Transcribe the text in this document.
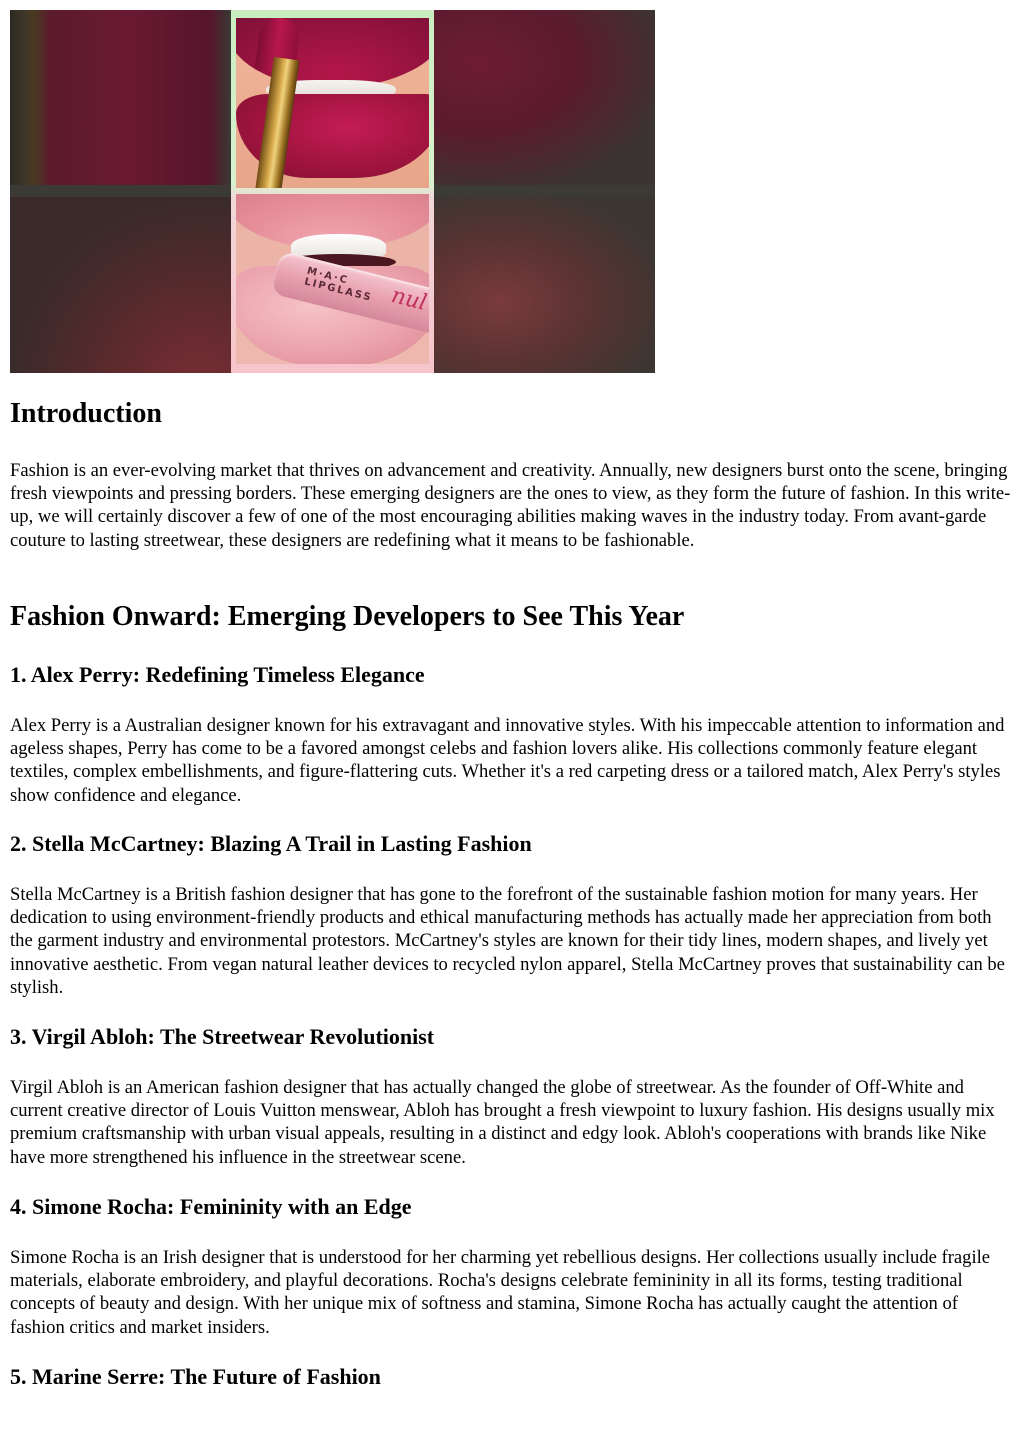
M·A·C
LIPGLASS nul
Introduction

Fashion is an ever-evolving market that thrives on advancement and creativity. Annually, new designers burst onto the scene, bringing fresh viewpoints and pressing borders. These emerging designers are the ones to view, as they form the future of fashion. In this write-up, we will certainly discover a few of one of the most encouraging abilities making waves in the industry today. From avant-garde couture to lasting streetwear, these designers are redefining what it means to be fashionable.

Fashion Onward: Emerging Developers to See This Year
1. Alex Perry: Redefining Timeless Elegance

Alex Perry is a Australian designer known for his extravagant and innovative styles. With his impeccable attention to information and ageless shapes, Perry has come to be a favored amongst celebs and fashion lovers alike. His collections commonly feature elegant textiles, complex embellishments, and figure-flattering cuts. Whether it's a red carpeting dress or a tailored match, Alex Perry's styles show confidence and elegance.

2. Stella McCartney: Blazing A Trail in Lasting Fashion

Stella McCartney is a British fashion designer that has gone to the forefront of the sustainable fashion motion for many years. Her dedication to using environment-friendly products and ethical manufacturing methods has actually made her appreciation from both the garment industry and environmental protestors. McCartney's styles are known for their tidy lines, modern shapes, and lively yet innovative aesthetic. From vegan natural leather devices to recycled nylon apparel, Stella McCartney proves that sustainability can be stylish.

3. Virgil Abloh: The Streetwear Revolutionist

Virgil Abloh is an American fashion designer that has actually changed the globe of streetwear. As the founder of Off-White and current creative director of Louis Vuitton menswear, Abloh has brought a fresh viewpoint to luxury fashion. His designs usually mix premium craftsmanship with urban visual appeals, resulting in a distinct and edgy look. Abloh's cooperations with brands like Nike have more strengthened his influence in the streetwear scene.

4. Simone Rocha: Femininity with an Edge

Simone Rocha is an Irish designer that is understood for her charming yet rebellious designs. Her collections usually include fragile materials, elaborate embroidery, and playful decorations. Rocha's designs celebrate femininity in all its forms, testing traditional concepts of beauty and design. With her unique mix of softness and stamina, Simone Rocha has actually caught the attention of fashion critics and market insiders.

5. Marine Serre: The Future of Fashion
